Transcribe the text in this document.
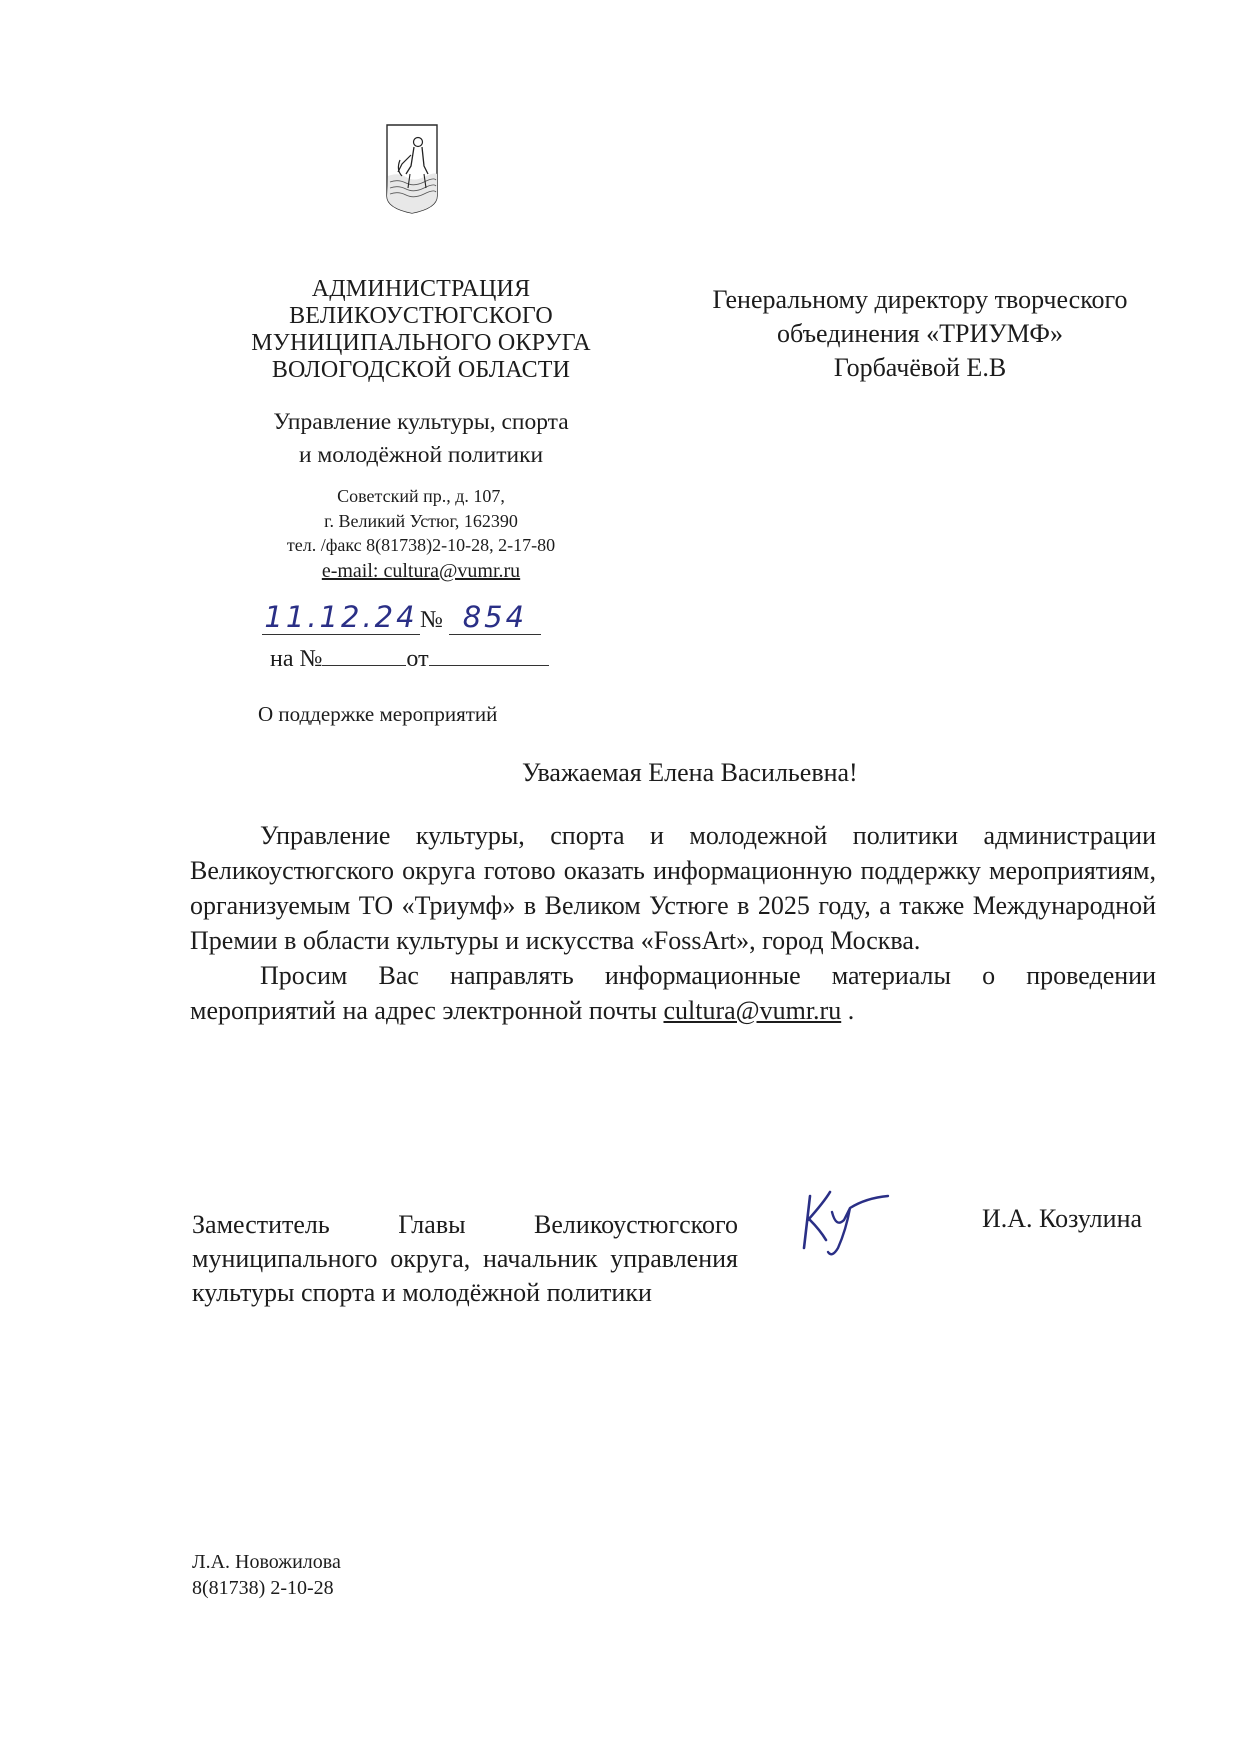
АДМИНИСТРАЦИЯ
ВЕЛИКОУСТЮГСКОГО
МУНИЦИПАЛЬНОГО ОКРУГА
ВОЛОГОДСКОЙ ОБЛАСТИ
Управление культуры, спорта
и молодёжной политики
Советский пр., д. 107,
г. Великий Устюг, 162390
тел. /факс 8(81738)2-10-28, 2-17-80
e-mail: cultura@vumr.ru
11.12.24 № 854
на №	от
О поддержке мероприятий
Генеральному директору творческого
объединения «ТРИУМФ»
Горбачёвой Е.В
Уважаемая Елена Васильевна!

Управление культуры, спорта и молодежной политики администрации Великоустюгского округа готово оказать информационную поддержку мероприятиям, организуемым ТО «Триумф» в Великом Устюге в 2025 году, а также Международной Премии в области культуры и искусства «FossArt», город Москва.

Просим Вас направлять информационные материалы о проведении мероприятий на адрес электронной почты cultura@vumr.ru .

Заместитель Главы Великоустюгского муниципального округа, начальник управления культуры спорта и молодёжной политики
И.А. Козулина
Л.А. Новожилова
8(81738) 2-10-28
